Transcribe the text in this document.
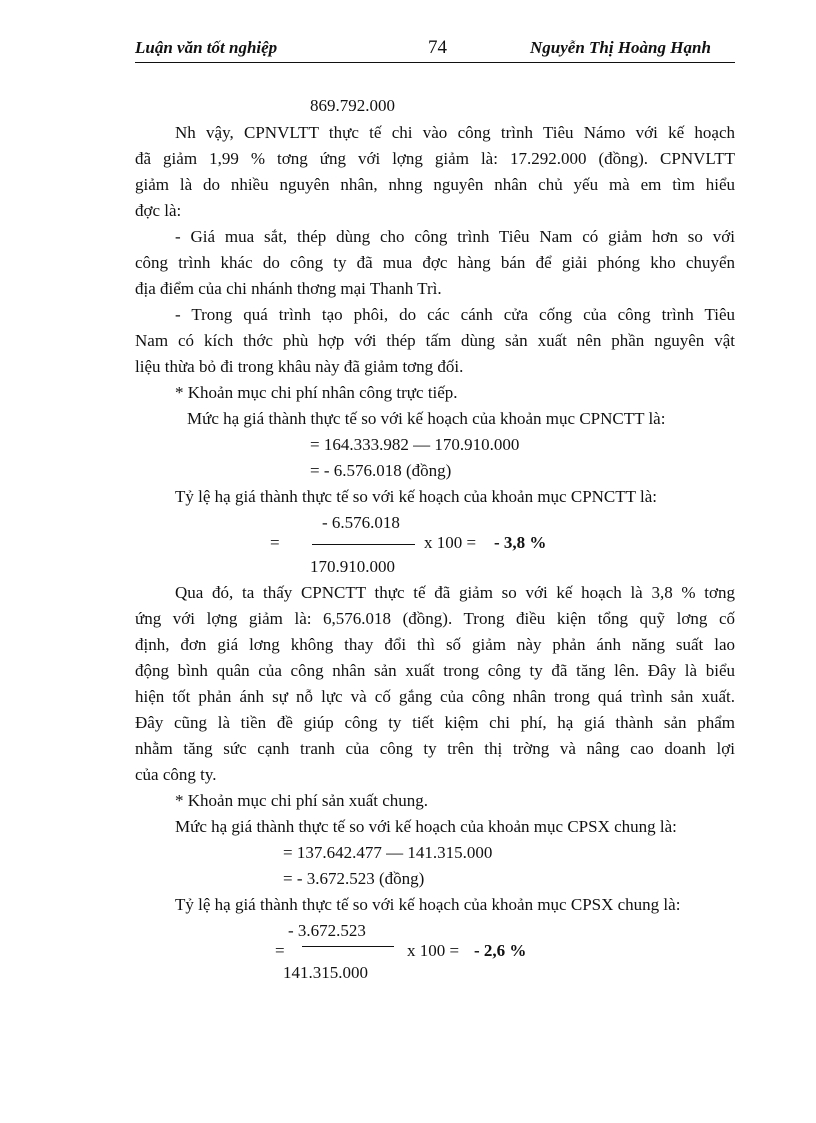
Luận văn tốt nghiệp	74	Nguyễn Thị Hoàng Hạnh
869.792.000
Nh vậy, CPNVLTT thực tế chi vào công trình Tiêu Námo với kế hoạch
đã giảm 1,99 % tơng ứng với lợng giảm là: 17.292.000 (đồng). CPNVLTT
giảm là do nhiều nguyên nhân, nhng nguyên nhân chủ yếu mà em tìm hiểu
đợc là:
- Giá mua sắt, thép dùng cho công trình Tiêu Nam có giảm hơn so với
công trình khác do công ty đã mua đợc hàng bán để giải phóng kho chuyển
địa điểm của chi nhánh thơng mại Thanh Trì.
- Trong quá trình tạo phôi, do các cánh cửa cống của công trình Tiêu
Nam có kích thớc phù hợp với thép tấm dùng sản xuất nên phần nguyên vật
liệu thừa bỏ đi trong khâu này đã giảm tơng đối.
* Khoản mục chi phí nhân công trực tiếp.
Mức hạ giá thành thực tế so với kế hoạch của khoản mục CPNCTT là:
= 164.333.982 — 170.910.000
= - 6.576.018 (đồng)
Tỷ lệ hạ giá thành thực tế so với kế hoạch của khoản mục CPNCTT là:
- 6.576.018
=	x 100 = - 3,8 %
170.910.000
Qua đó, ta thấy CPNCTT thực tế đã giảm so với kế hoạch là 3,8 % tơng
ứng với lợng giảm là: 6,576.018 (đồng). Trong điều kiện tổng quỹ lơng cố
định, đơn giá lơng không thay đổi thì số giảm này phản ánh năng suất lao
động bình quân của công nhân sản xuất trong công ty đã tăng lên. Đây là biểu
hiện tốt phản ánh sự nỗ lực và cố gắng của công nhân trong quá trình sản xuất.
Đây cũng là tiền đề giúp công ty tiết kiệm chi phí, hạ giá thành sản phẩm
nhằm tăng sức cạnh tranh của công ty trên thị trờng và nâng cao doanh lợi
của công ty.
* Khoản mục chi phí sản xuất chung.
Mức hạ giá thành thực tế so với kế hoạch của khoản mục CPSX chung là:
= 137.642.477 — 141.315.000
= - 3.672.523 (đồng)
Tỷ lệ hạ giá thành thực tế so với kế hoạch của khoản mục CPSX chung là:
- 3.672.523
=	x 100 = - 2,6 %
141.315.000
